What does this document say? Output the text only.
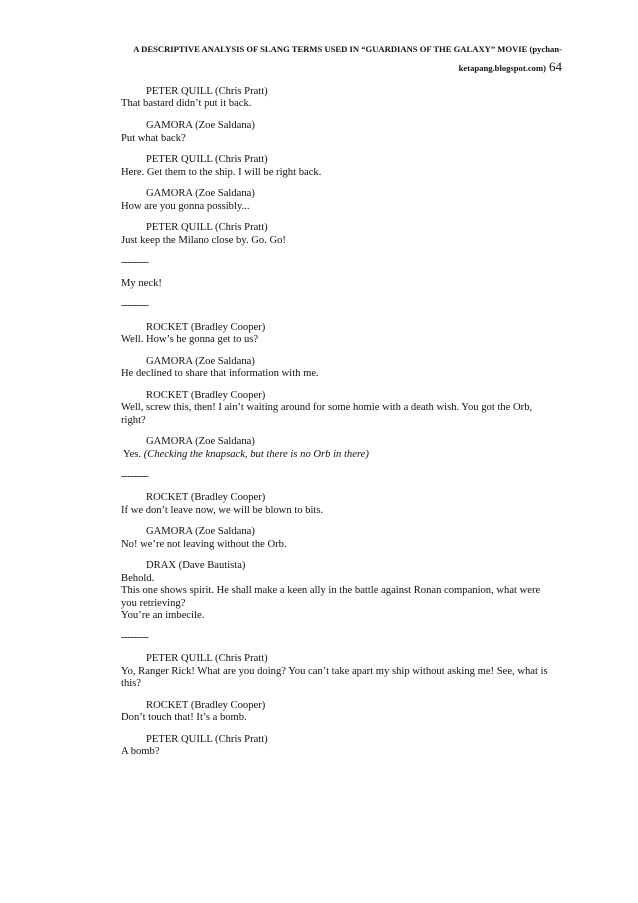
A DESCRIPTIVE ANALYSIS OF SLANG TERMS USED IN “GUARDIANS OF THE GALAXY” MOVIE (pychan-
ketapang.blogspot.com) 64
PETER QUILL (Chris Pratt)
That bastard didn’t put it back.
GAMORA (Zoe Saldana)
Put what back?
PETER QUILL (Chris Pratt)
Here. Get them to the ship. I will be right back.
GAMORA (Zoe Saldana)
How are you gonna possibly...
PETER QUILL (Chris Pratt)
Just keep the Milano close by. Go. Go!
---------
My neck!
---------
ROCKET (Bradley Cooper)
Well. How’s he gonna get to us?
GAMORA (Zoe Saldana)
He declined to share that information with me.
ROCKET (Bradley Cooper)
Well, screw this, then! I ain’t waiting around for some homie with a death wish. You got the Orb,
right?
GAMORA (Zoe Saldana)
Yes. (Checking the knapsack, but there is no Orb in there)
---------
ROCKET (Bradley Cooper)
If we don’t leave now, we will be blown to bits.
GAMORA (Zoe Saldana)
No! we’re not leaving without the Orb.
DRAX (Dave Bautista)
Behold.
This one shows spirit. He shall make a keen ally in the battle against Ronan companion, what were
you retrieving?
You’re an imbecile.
---------
PETER QUILL (Chris Pratt)
Yo, Ranger Rick! What are you doing? You can’t take apart my ship without asking me! See, what is
this?
ROCKET (Bradley Cooper)
Don’t touch that! It’s a bomb.
PETER QUILL (Chris Pratt)
A bomb?
